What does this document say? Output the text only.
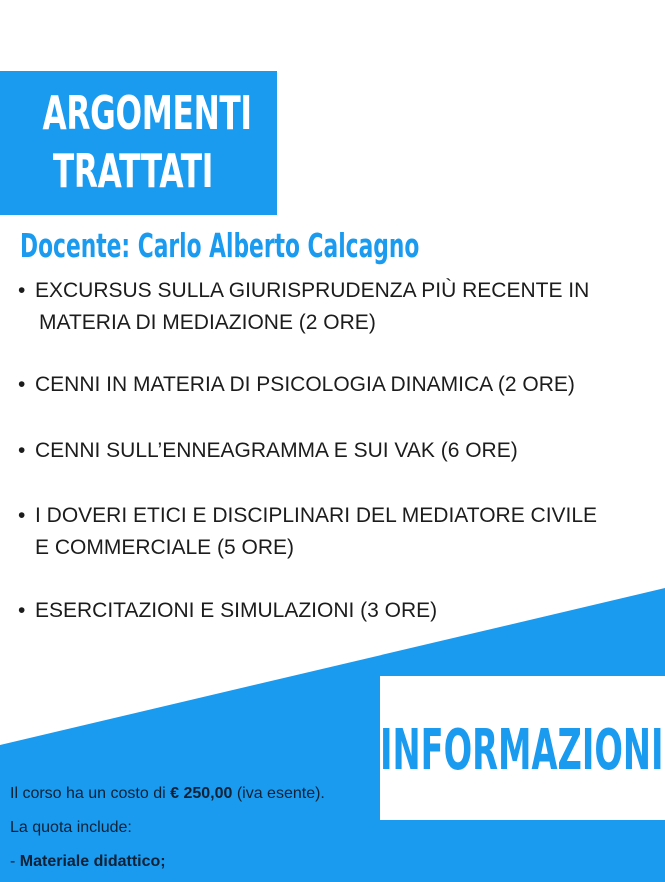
ARGOMENTI
TRATTATI
Docente: Carlo Alberto Calcagno
• EXCURSUS SULLA GIURISPRUDENZA PIÙ RECENTE IN
MATERIA DI MEDIAZIONE (2 ORE)
• CENNI IN MATERIA DI PSICOLOGIA DINAMICA (2 ORE)
• CENNI SULL’ENNEAGRAMMA E SUI VAK (6 ORE)
• I DOVERI ETICI E DISCIPLINARI DEL MEDIATORE CIVILE
E COMMERCIALE (5 ORE)
• ESERCITAZIONI E SIMULAZIONI (3 ORE)
INFORMAZIONI
Il corso ha un costo di € 250,00 (iva esente).
La quota include:
- Materiale didattico;
